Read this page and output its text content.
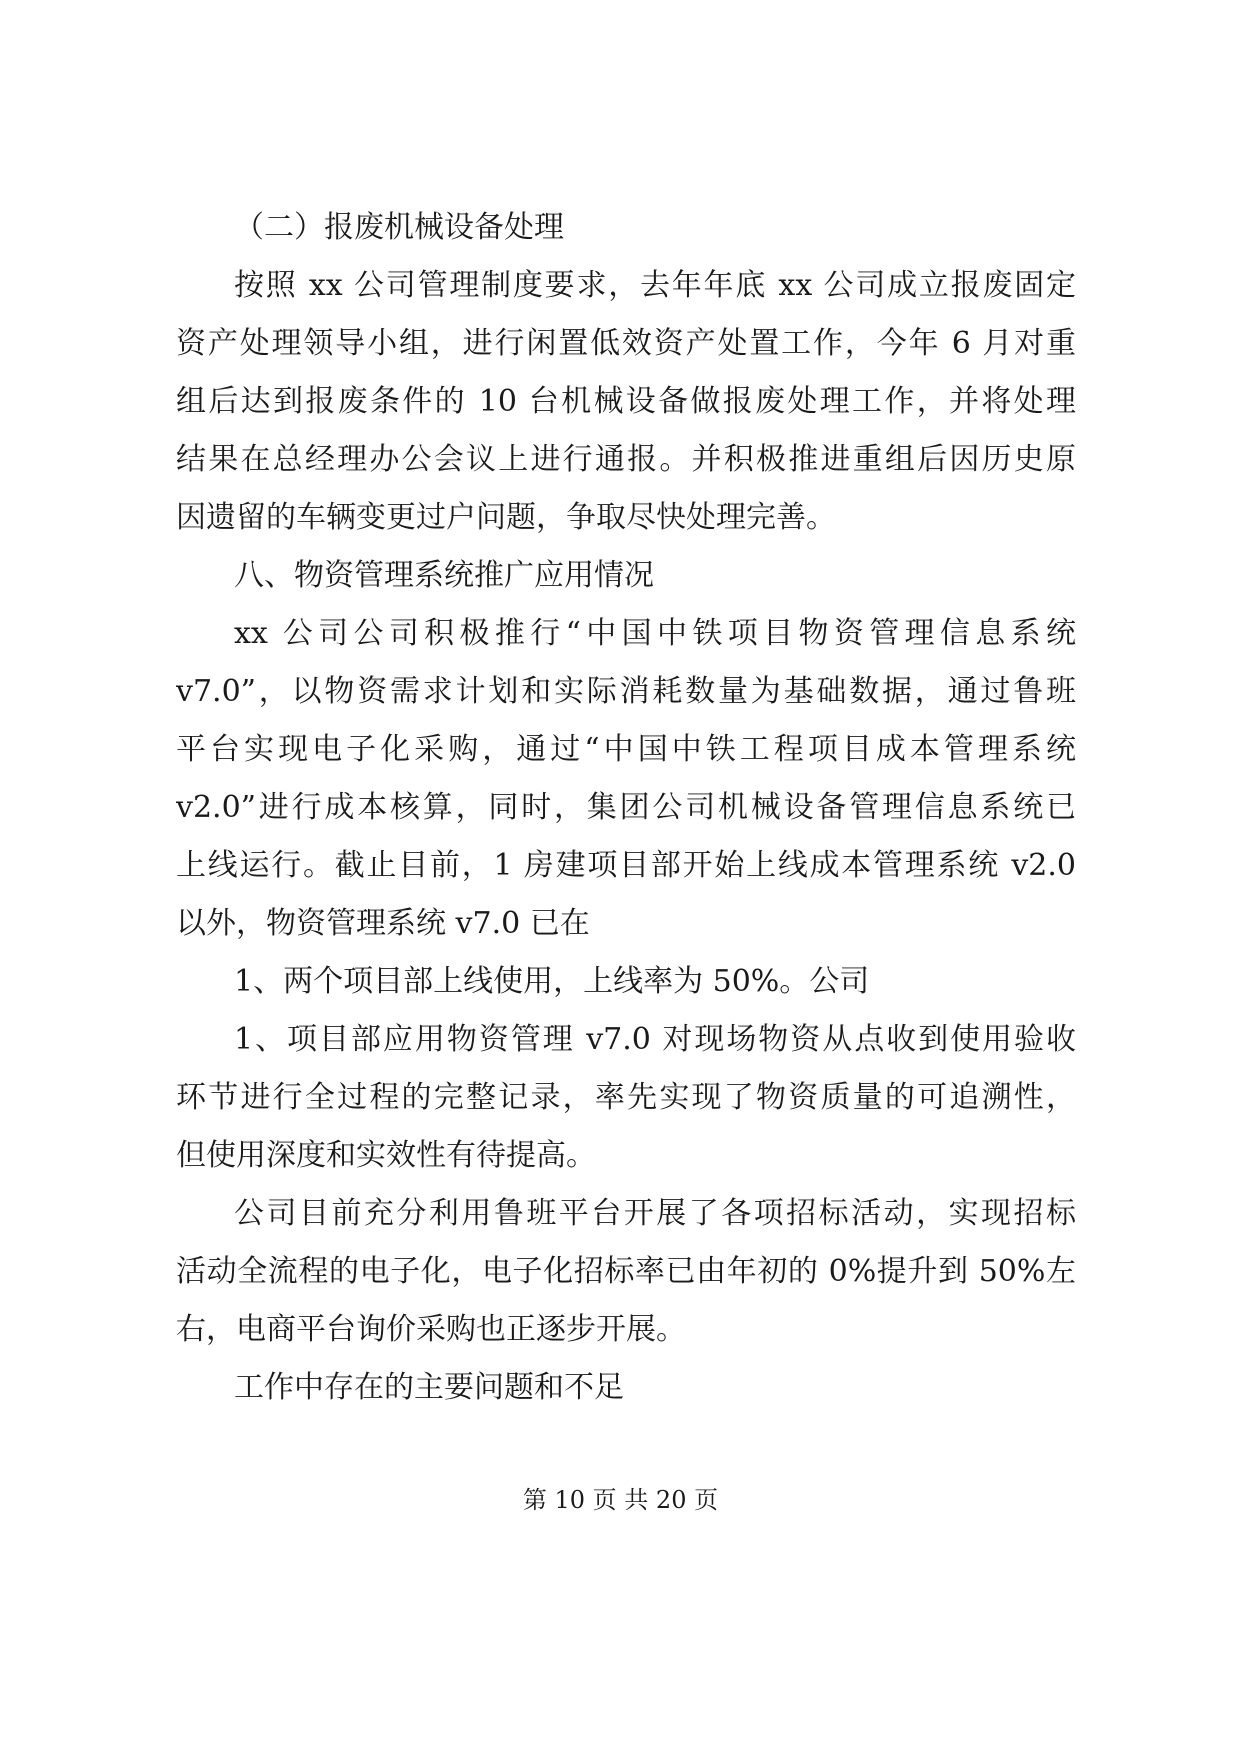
（二）报废机械设备处理
按照 xx 公司管理制度要求，去年年底 xx 公司成立报废固定
资产处理领导小组，进行闲置低效资产处置工作，今年 6 月对重
组后达到报废条件的 10 台机械设备做报废处理工作，并将处理
结果在总经理办公会议上进行通报。并积极推进重组后因历史原
因遗留的车辆变更过户问题，争取尽快处理完善。
八、物资管理系统推广应用情况
xx 公司公司积极推行“中国中铁项目物资管理信息系统
v7.0”，以物资需求计划和实际消耗数量为基础数据，通过鲁班
平台实现电子化采购，通过“中国中铁工程项目成本管理系统
v2.0”进行成本核算，同时，集团公司机械设备管理信息系统已
上线运行。截止目前，1 房建项目部开始上线成本管理系统 v2.0
以外，物资管理系统 v7.0 已在
1、两个项目部上线使用，上线率为 50%。公司
1、项目部应用物资管理 v7.0 对现场物资从点收到使用验收
环节进行全过程的完整记录，率先实现了物资质量的可追溯性，
但使用深度和实效性有待提高。
公司目前充分利用鲁班平台开展了各项招标活动，实现招标
活动全流程的电子化，电子化招标率已由年初的 0%提升到 50%左
右，电商平台询价采购也正逐步开展。
工作中存在的主要问题和不足
第 10 页 共 20 页
